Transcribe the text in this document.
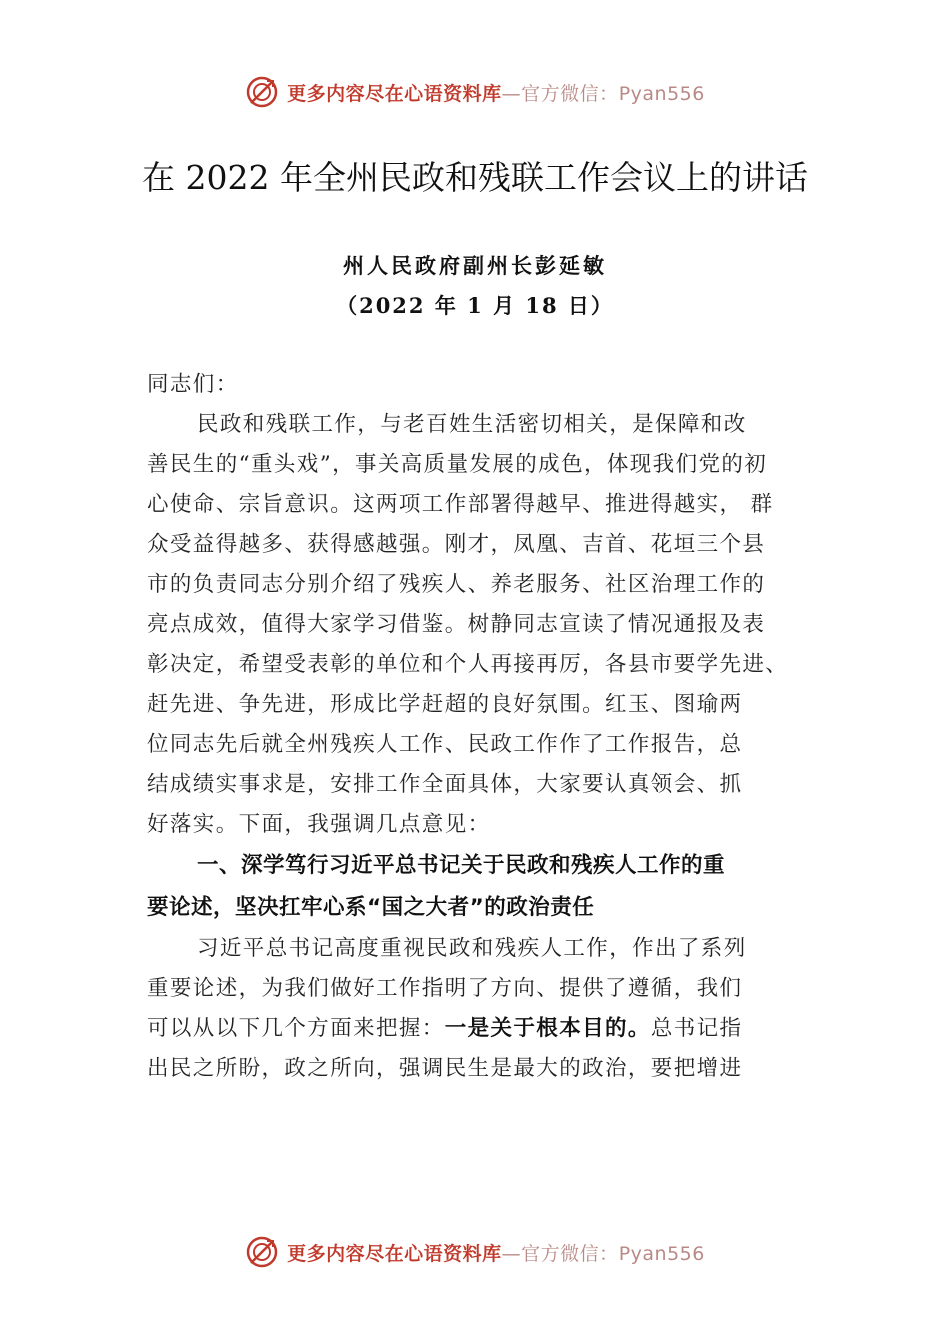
更多内容尽在心语资料库—官方微信：Pyan556
在 2022 年全州民政和残联工作会议上的讲话
州人民政府副州长彭延敏
（2022 年 1 月 18 日）
同志们：
民政和残联工作，与老百姓生活密切相关，是保障和改
善民生的“重头戏”，事关高质量发展的成色，体现我们党的初
心使命、宗旨意识。这两项工作部署得越早、推进得越实， 群
众受益得越多、获得感越强。刚才，凤凰、吉首、花垣三个县
市的负责同志分别介绍了残疾人、养老服务、社区治理工作的
亮点成效，值得大家学习借鉴。树静同志宣读了情况通报及表
彰决定，希望受表彰的单位和个人再接再厉，各县市要学先进、
赶先进、争先进，形成比学赶超的良好氛围。红玉、图瑜两
位同志先后就全州残疾人工作、民政工作作了工作报告，总
结成绩实事求是，安排工作全面具体，大家要认真领会、抓
好落实。下面，我强调几点意见：
一、深学笃行习近平总书记关于民政和残疾人工作的重
要论述，坚决扛牢心系“国之大者”的政治责任
习近平总书记高度重视民政和残疾人工作，作出了系列
重要论述，为我们做好工作指明了方向、提供了遵循，我们
可以从以下几个方面来把握：一是关于根本目的。总书记指
出民之所盼，政之所向，强调民生是最大的政治，要把增进
更多内容尽在心语资料库—官方微信：Pyan556
